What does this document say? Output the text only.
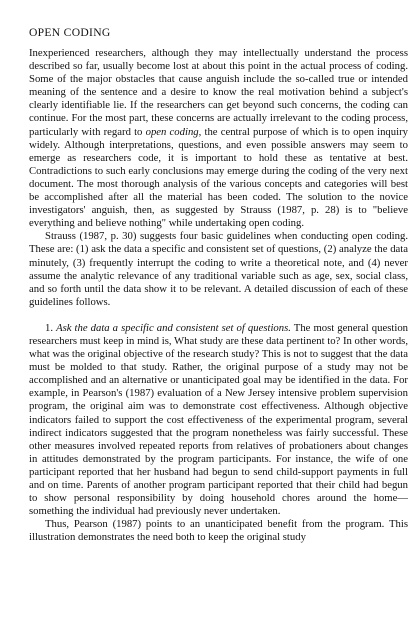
OPEN CODING

Inexperienced researchers, although they may intellectually understand the process described so far, usually become lost at about this point in the actual process of coding. Some of the major obstacles that cause anguish include the so-called true or intended meaning of the sentence and a desire to know the real motivation behind a subject's clearly identifiable lie. If the researchers can get beyond such concerns, the coding can continue. For the most part, these concerns are actually irrelevant to the coding process, particularly with regard to open coding, the central purpose of which is to open inquiry widely. Although interpretations, questions, and even possible answers may seem to emerge as researchers code, it is important to hold these as tentative at best. Contradictions to such early conclusions may emerge during the coding of the very next document. The most thorough analysis of the various concepts and categories will best be accomplished after all the material has been coded. The solution to the novice investigators' anguish, then, as suggested by Strauss (1987, p. 28) is to "believe everything and believe nothing" while undertaking open coding.

Strauss (1987, p. 30) suggests four basic guidelines when conducting open coding. These are: (1) ask the data a specific and consistent set of questions, (2) analyze the data minutely, (3) frequently interrupt the coding to write a theoretical note, and (4) never assume the analytic relevance of any traditional variable such as age, sex, social class, and so forth until the data show it to be relevant. A detailed discussion of each of these guidelines follows.

1. Ask the data a specific and consistent set of questions. The most general question researchers must keep in mind is, What study are these data pertinent to? In other words, what was the original objective of the research study? This is not to suggest that the data must be molded to that study. Rather, the original purpose of a study may not be accomplished and an alternative or unanticipated goal may be identified in the data. For example, in Pearson's (1987) evaluation of a New Jersey intensive problem supervision program, the original aim was to demonstrate cost effectiveness. Although objective indicators failed to support the cost effectiveness of the experimental program, several indirect indicators suggested that the program nonetheless was fairly successful. These other measures involved repeated reports from relatives of probationers about changes in attitudes demonstrated by the program participants. For instance, the wife of one participant reported that her husband had begun to send child-support payments in full and on time. Parents of another program participant reported that their child had begun to show personal responsibility by doing household chores around the home—something the individual had previously never undertaken.

Thus, Pearson (1987) points to an unanticipated benefit from the program. This illustration demonstrates the need both to keep the original study
